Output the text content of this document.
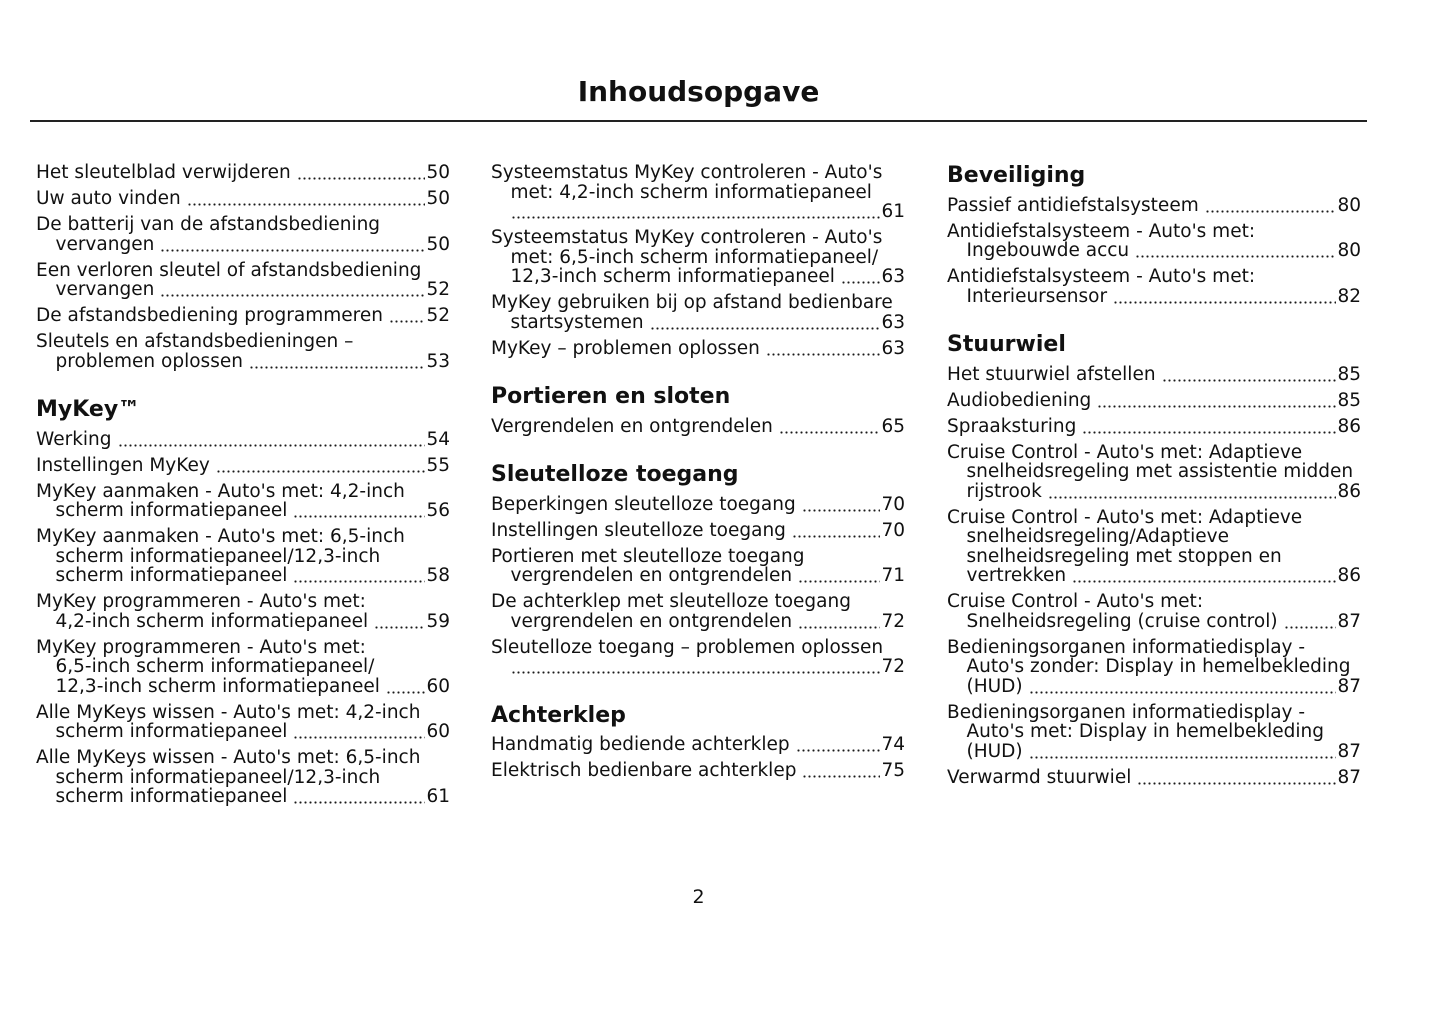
Inhoudsopgave
Het sleutelblad verwijderen	50
Uw auto vinden	50
De batterij van de afstandsbediening
vervangen	50
Een verloren sleutel of afstandsbediening
vervangen	52
De afstandsbediening programmeren 52
Sleutels en afstandsbedieningen –
problemen oplossen	53
MyKey™
Werking	54
Instellingen MyKey	55
MyKey aanmaken - Auto's met: 4,2-inch
scherm informatiepaneel	56
MyKey aanmaken - Auto's met: 6,5-inch
scherm informatiepaneel/12,3-inch
scherm informatiepaneel	58
MyKey programmeren - Auto's met:
4,2-inch scherm informatiepaneel	59
MyKey programmeren - Auto's met:
6,5-inch scherm informatiepaneel/
12,3-inch scherm informatiepaneel	60
Alle MyKeys wissen - Auto's met: 4,2-inch
scherm informatiepaneel	60
Alle MyKeys wissen - Auto's met: 6,5-inch
scherm informatiepaneel/12,3-inch
scherm informatiepaneel	61
Systeemstatus MyKey controleren - Auto's
met: 4,2-inch scherm informatiepaneel
61
Systeemstatus MyKey controleren - Auto's
met: 6,5-inch scherm informatiepaneel/
12,3-inch scherm informatiepaneel	63
MyKey gebruiken bij op afstand bedienbare
startsystemen	63
MyKey – problemen oplossen	63
Portieren en sloten
Vergrendelen en ontgrendelen	65
Sleutelloze toegang
Beperkingen sleutelloze toegang	70
Instellingen sleutelloze toegang	70
Portieren met sleutelloze toegang
vergrendelen en ontgrendelen	71
De achterklep met sleutelloze toegang
vergrendelen en ontgrendelen	72
Sleutelloze toegang – problemen oplossen
72
Achterklep
Handmatig bediende achterklep	74
Elektrisch bedienbare achterklep	75
Beveiliging
Passief antidiefstalsysteem	80
Antidiefstalsysteem - Auto's met:
Ingebouwde accu	80
Antidiefstalsysteem - Auto's met:
Interieursensor	82
Stuurwiel
Het stuurwiel afstellen	85
Audiobediening	85
Spraaksturing	86
Cruise Control - Auto's met: Adaptieve
snelheidsregeling met assistentie midden
rijstrook	86
Cruise Control - Auto's met: Adaptieve
snelheidsregeling/Adaptieve
snelheidsregeling met stoppen en
vertrekken	86
Cruise Control - Auto's met:
Snelheidsregeling (cruise control)	87
Bedieningsorganen informatiedisplay -
Auto's zonder: Display in hemelbekleding
(HUD)	87
Bedieningsorganen informatiedisplay -
Auto's met: Display in hemelbekleding
(HUD)	87
Verwarmd stuurwiel	87
2
